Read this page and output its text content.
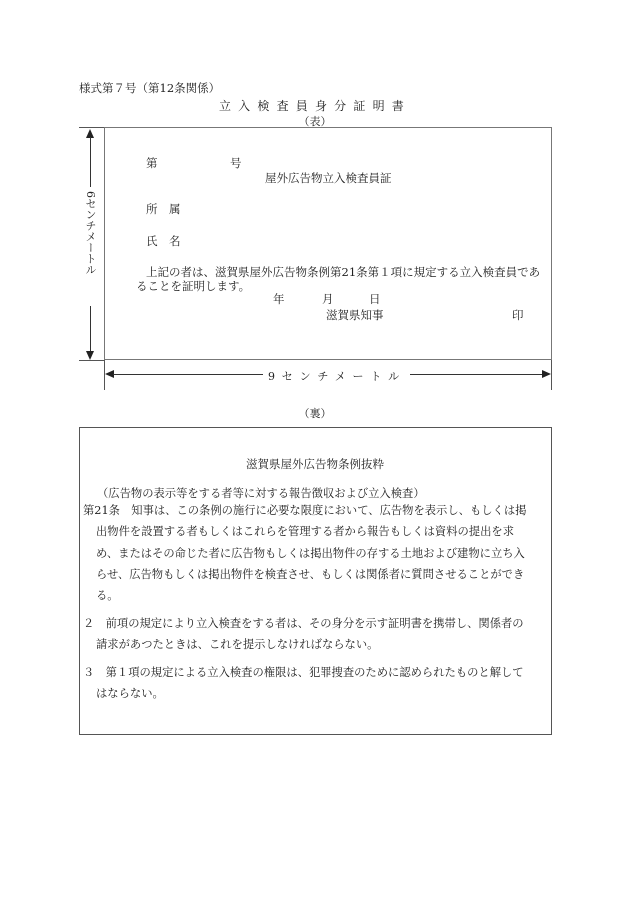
様式第７号（第12条関係）
立入検査員身分証明書
（表）
第	号
屋外広告物立入検査員証
所　属
氏　名
上記の者は、滋賀県屋外広告物条例第21条第１項に規定する立入検査員であ
ることを証明します。
年	月	日
滋賀県知事	印
6センチメートル
9センチメートル
（裏）
滋賀県屋外広告物条例抜粋
（広告物の表示等をする者等に対する報告徴収および立入検査）
第21条　知事は、この条例の施行に必要な限度において、広告物を表示し、もしくは掲
出物件を設置する者もしくはこれらを管理する者から報告もしくは資料の提出を求
め、またはその命じた者に広告物もしくは掲出物件の存する土地および建物に立ち入
らせ、広告物もしくは掲出物件を検査させ、もしくは関係者に質問させることができ
る。
２　前項の規定により立入検査をする者は、その身分を示す証明書を携帯し、関係者の
請求があつたときは、これを提示しなければならない。
３　第１項の規定による立入検査の権限は、犯罪捜査のために認められたものと解して
はならない。
